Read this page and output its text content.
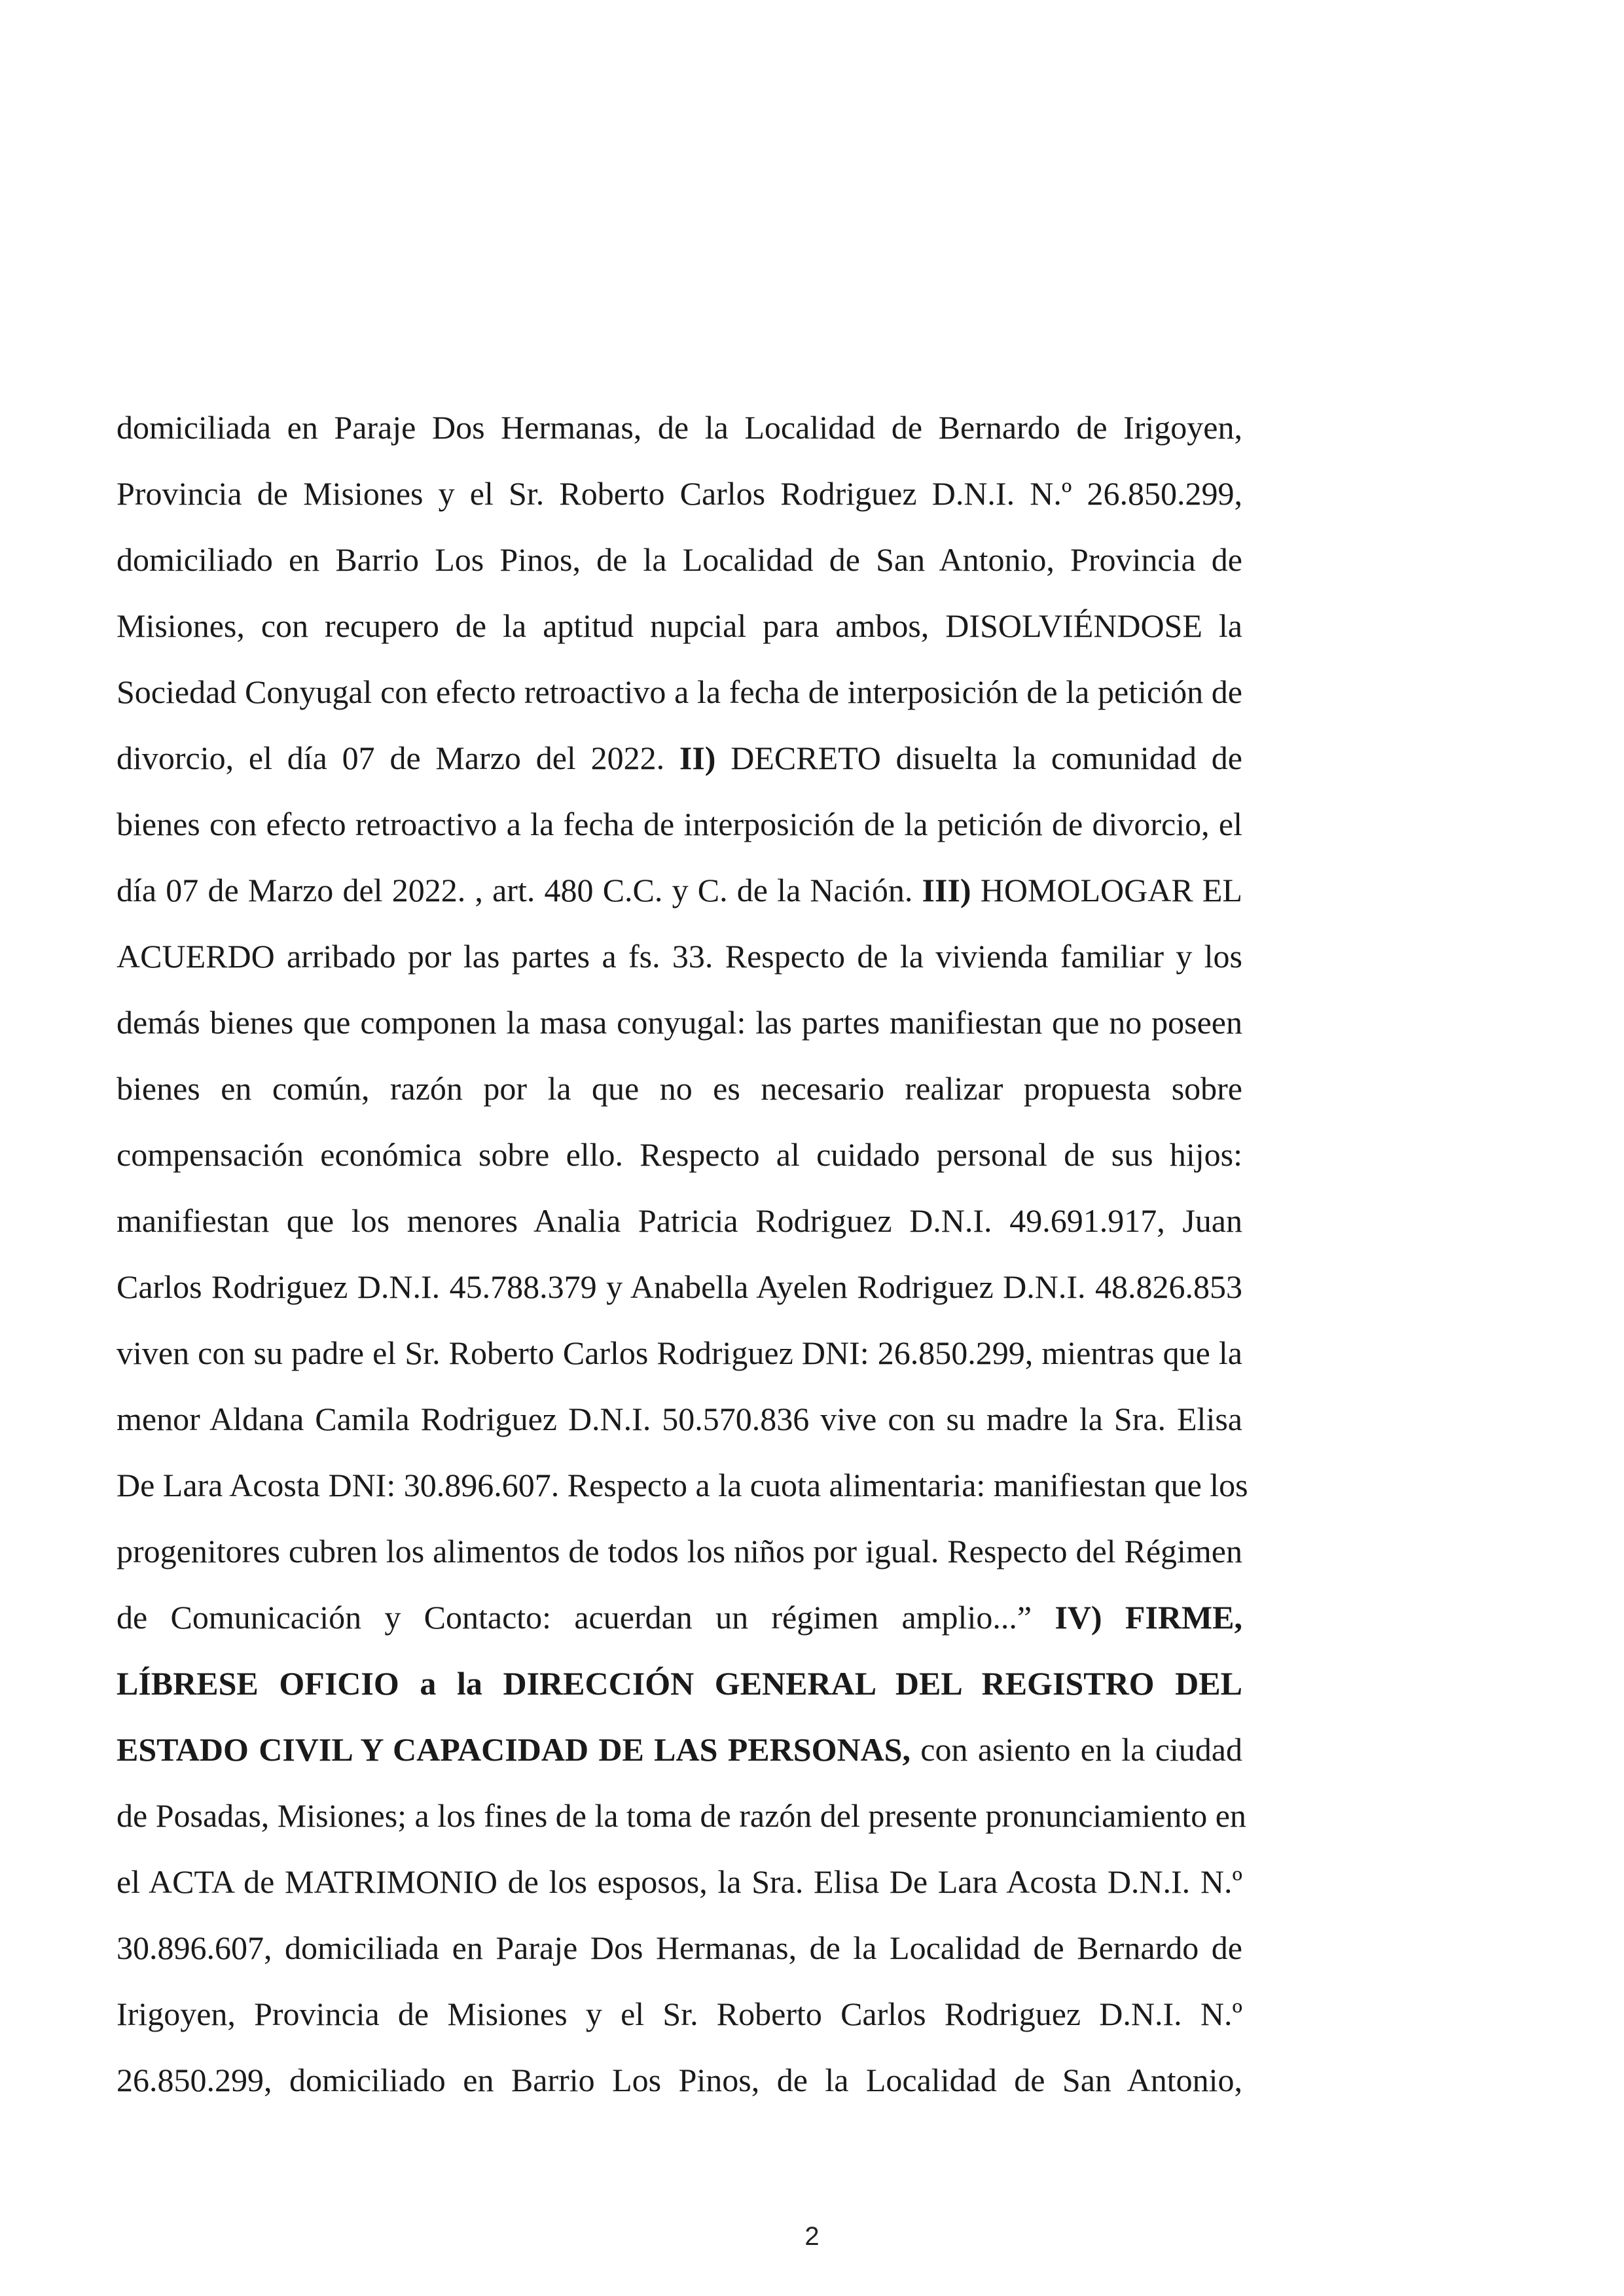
domiciliada en Paraje Dos Hermanas, de la Localidad de Bernardo de Irigoyen,
Provincia de Misiones y el Sr. Roberto Carlos Rodriguez D.N.I. N.º 26.850.299,
domiciliado en Barrio Los Pinos, de la Localidad de San Antonio, Provincia de
Misiones, con recupero de la aptitud nupcial para ambos, DISOLVIÉNDOSE la
Sociedad Conyugal con efecto retroactivo a la fecha de interposición de la petición de
divorcio, el día 07 de Marzo del 2022. II) DECRETO disuelta la comunidad de
bienes con efecto retroactivo a la fecha de interposición de la petición de divorcio, el
día 07 de Marzo del 2022. , art. 480 C.C. y C. de la Nación. III) HOMOLOGAR EL
ACUERDO arribado por las partes a fs. 33. Respecto de la vivienda familiar y los
demás bienes que componen la masa conyugal: las partes manifiestan que no poseen
bienes en común, razón por la que no es necesario realizar propuesta sobre
compensación económica sobre ello. Respecto al cuidado personal de sus hijos:
manifiestan que los menores Analia Patricia Rodriguez D.N.I. 49.691.917, Juan
Carlos Rodriguez D.N.I. 45.788.379 y Anabella Ayelen Rodriguez D.N.I. 48.826.853
viven con su padre el Sr. Roberto Carlos Rodriguez DNI: 26.850.299, mientras que la
menor Aldana Camila Rodriguez D.N.I. 50.570.836 vive con su madre la Sra. Elisa
De Lara Acosta DNI: 30.896.607. Respecto a la cuota alimentaria: manifiestan que los
progenitores cubren los alimentos de todos los niños por igual. Respecto del Régimen
de Comunicación y Contacto: acuerdan un régimen amplio...” IV) FIRME,
LÍBRESE OFICIO a la DIRECCIÓN GENERAL DEL REGISTRO DEL
ESTADO CIVIL Y CAPACIDAD DE LAS PERSONAS, con asiento en la ciudad
de Posadas, Misiones; a los fines de la toma de razón del presente pronunciamiento en
el ACTA de MATRIMONIO de los esposos, la Sra. Elisa De Lara Acosta D.N.I. N.º
30.896.607, domiciliada en Paraje Dos Hermanas, de la Localidad de Bernardo de
Irigoyen, Provincia de Misiones y el Sr. Roberto Carlos Rodriguez D.N.I. N.º
26.850.299, domiciliado en Barrio Los Pinos, de la Localidad de San Antonio,
2
